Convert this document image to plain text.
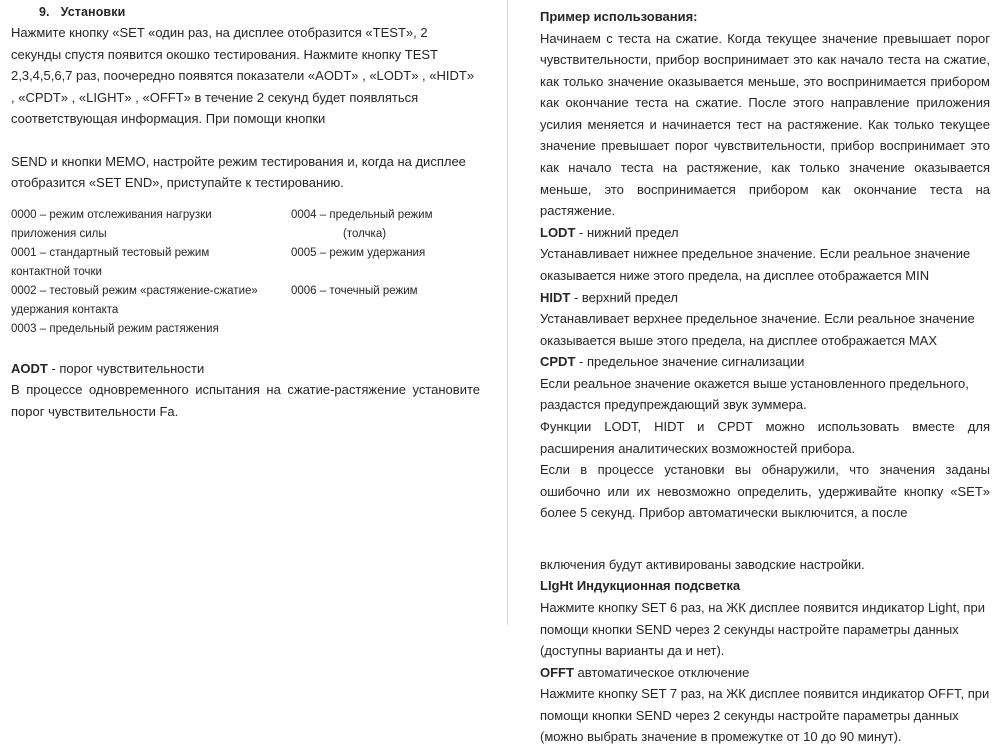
9. Установки

Нажмите кнопку «SET «один раз, на дисплее отобразится «TEST», 2 секунды спустя появится окошко тестирования. Нажмите кнопку TEST 2,3,4,5,6,7 раз, поочередно появятся показатели «AODT» , «LODT» , «HIDT» , «CPDT» , «LIGHT» , «OFFT» в течение 2 секунд будет появляться соответствующая информация. При помощи кнопки

SEND и кнопки MEMO, настройте режим тестирования и, когда на дисплее отобразится «SET END», приступайте к тестированию.

0000 – режим отслеживания нагрузки
приложения силы
0001 – стандартный тестовый режим
контактной точки
0002 – тестовый режим «растяжение-сжатие»
удержания контакта
0003 – предельный режим растяжения
0004 – предельный режим
(толчка)
0005 – режим удержания
0006 – точечный режим

AODT - порог чувствительности

В процессе одновременного испытания на сжатие-растяжение установите порог чувствительности Fa.

Пример использования:

Начинаем с теста на сжатие. Когда текущее значение превышает порог чувствительности, прибор воспринимает это как начало теста на сжатие, как только значение оказывается меньше, это воспринимается прибором как окончание теста на сжатие. После этого направление приложения усилия меняется и начинается тест на растяжение. Как только текущее значение превышает порог чувствительности, прибор воспринимает это как начало теста на растяжение, как только значение оказывается меньше, это воспринимается прибором как окончание теста на растяжение.

LODT - нижний предел

Устанавливает нижнее предельное значение. Если реальное значение оказывается ниже этого предела, на дисплее отображается MIN

HIDT - верхний предел

Устанавливает верхнее предельное значение. Если реальное значение оказывается выше этого предела, на дисплее отображается MAX

CPDT - предельное значение сигнализации

Если реальное значение окажется выше установленного предельного, раздастся предупреждающий звук зуммера.

Функции LODT, HIDT и CPDT можно использовать вместе для расширения аналитических возможностей прибора.

Если в процессе установки вы обнаружили, что значения заданы ошибочно или их невозможно определить, удерживайте кнопку «SET» более 5 секунд. Прибор автоматически выключится, а после

включения будут активированы заводские настройки.

LIgHt Индукционная подсветка

Нажмите кнопку SET 6 раз, на ЖК дисплее появится индикатор Light, при помощи кнопки SEND через 2 секунды настройте параметры данных (доступны варианты да и нет).

OFFT автоматическое отключение

Нажмите кнопку SET 7 раз, на ЖК дисплее появится индикатор OFFT, при помощи кнопки SEND через 2 секунды настройте параметры данных (можно выбрать значение в промежутке от 10 до 90 минут).
